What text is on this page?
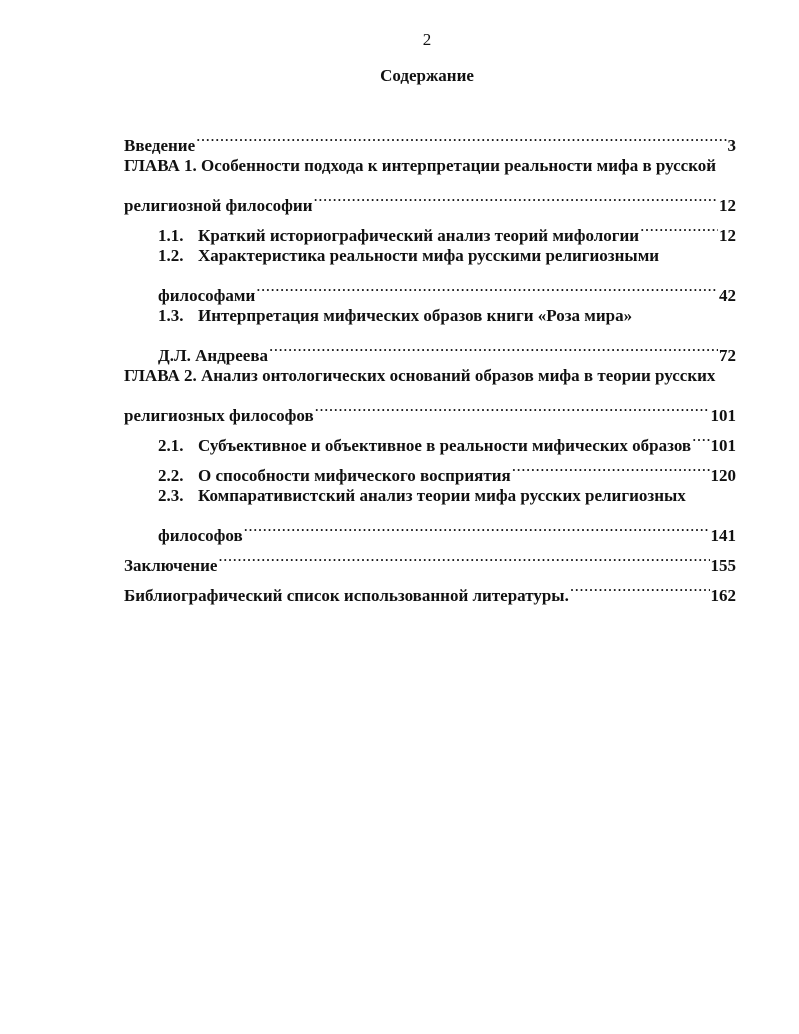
2
Содержание
Введение .....	3
ГЛАВА 1. Особенности подхода к интерпретации реальности мифа в русской
религиозной философии .....	12
1.1. Краткий историографический анализ теорий мифологии .....	12
1.2. Характеристика реальности мифа русскими религиозными
философами .....	42
1.3. Интерпретация мифических образов книги «Роза мира»
Д.Л. Андреева .....	72
ГЛАВА 2. Анализ онтологических оснований образов мифа в теории русских
религиозных философов .....	101
2.1. Субъективное и объективное в реальности мифических образов ..... 101
2.2. О способности мифического восприятия .....	120
2.3. Компаративистский анализ теории мифа русских религиозных
философов .....	141
Заключение .....	155
Библиографический список использованной литературы. .....	162
